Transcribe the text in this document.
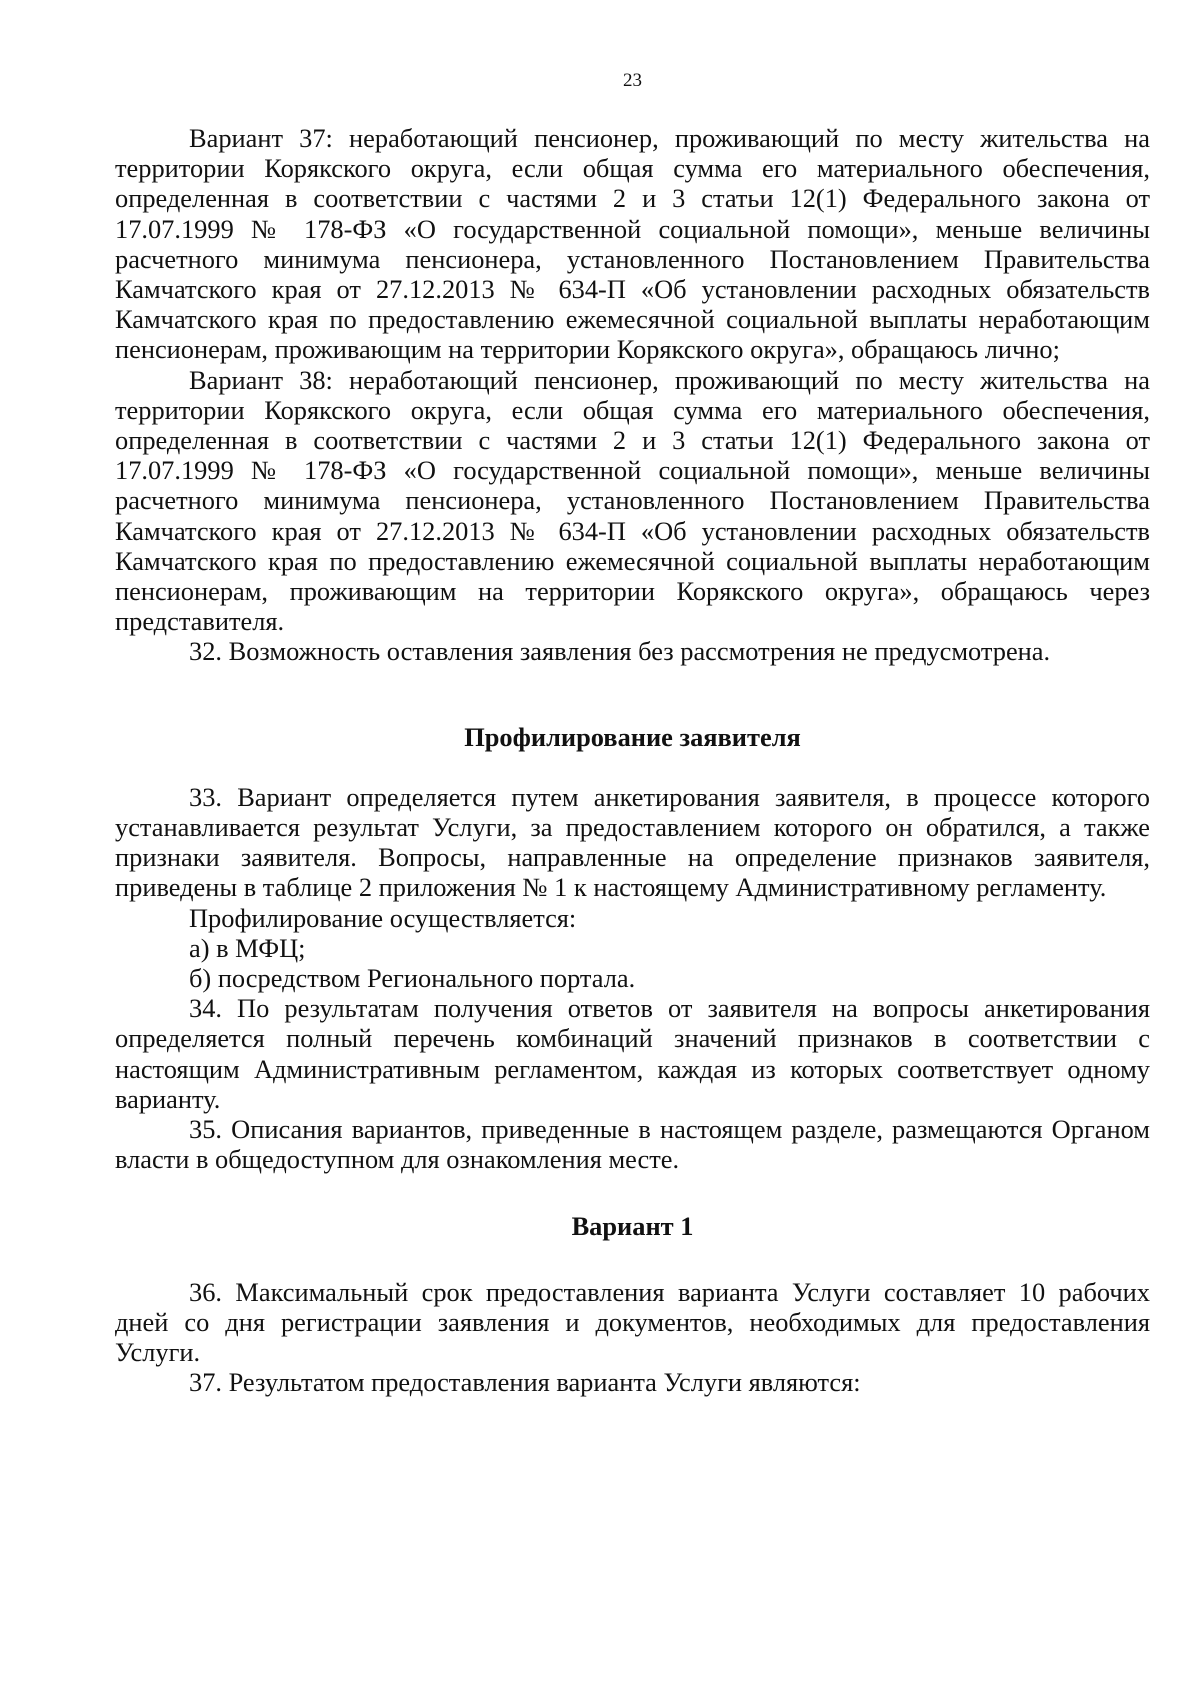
23

Вариант 37: неработающий пенсионер, проживающий по месту жительства на территории Корякского округа, если общая сумма его материального обеспечения, определенная в соответствии с частями 2 и 3 статьи 12(1) Федерального закона от 17.07.1999 № 178-ФЗ «О государственной социальной помощи», меньше величины расчетного минимума пенсионера, установленного Постановлением Правительства Камчатского края от 27.12.2013 № 634-П «Об установлении расходных обязательств Камчатского края по предоставлению ежемесячной социальной выплаты неработающим пенсионерам, проживающим на территории Корякского округа», обращаюсь лично;

Вариант 38: неработающий пенсионер, проживающий по месту жительства на территории Корякского округа, если общая сумма его материального обеспечения, определенная в соответствии с частями 2 и 3 статьи 12(1) Федерального закона от 17.07.1999 № 178-ФЗ «О государственной социальной помощи», меньше величины расчетного минимума пенсионера, установленного Постановлением Правительства Камчатского края от 27.12.2013 № 634-П «Об установлении расходных обязательств Камчатского края по предоставлению ежемесячной социальной выплаты неработающим пенсионерам, проживающим на территории Корякского округа», обращаюсь через представителя.

32. Возможность оставления заявления без рассмотрения не предусмотрена.

Профилирование заявителя

33. Вариант определяется путем анкетирования заявителя, в процессе которого устанавливается результат Услуги, за предоставлением которого он обратился, а также признаки заявителя. Вопросы, направленные на определение признаков заявителя, приведены в таблице 2 приложения № 1 к настоящему Административному регламенту.

Профилирование осуществляется:

а) в МФЦ;

б) посредством Регионального портала.

34. По результатам получения ответов от заявителя на вопросы анкетирования определяется полный перечень комбинаций значений признаков в соответствии с настоящим Административным регламентом, каждая из которых соответствует одному варианту.

35. Описания вариантов, приведенные в настоящем разделе, размещаются Органом власти в общедоступном для ознакомления месте.

Вариант 1

36. Максимальный срок предоставления варианта Услуги составляет 10 рабочих дней со дня регистрации заявления и документов, необходимых для предоставления Услуги.

37. Результатом предоставления варианта Услуги являются:
